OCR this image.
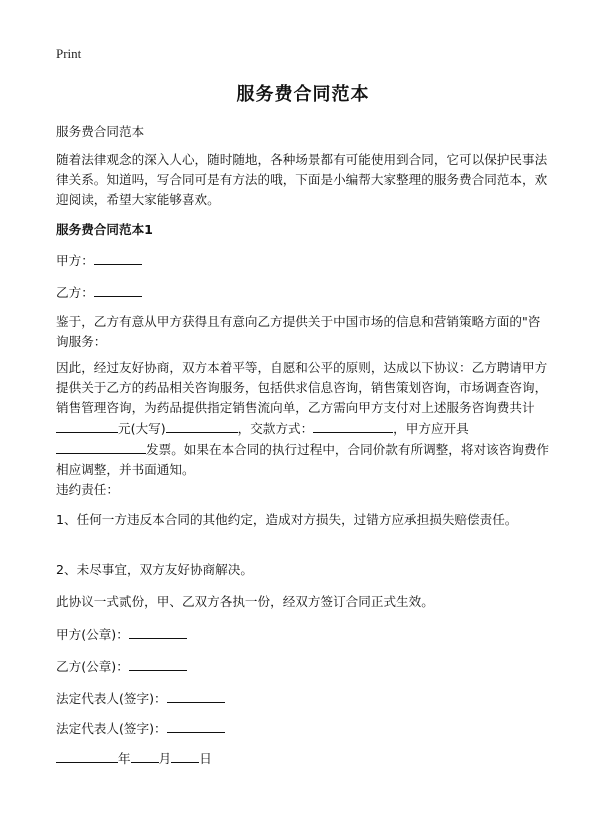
Print
服务费合同范本

服务费合同范本

随着法律观念的深入人心，随时随地，各种场景都有可能使用到合同，它可以保护民事法律关系。知道吗，写合同可是有方法的哦，下面是小编帮大家整理的服务费合同范本，欢迎阅读，希望大家能够喜欢。

服务费合同范本1

甲方：

乙方：

鉴于，乙方有意从甲方获得且有意向乙方提供关于中国市场的信息和营销策略方面的"咨询服务：

因此，经过友好协商，双方本着平等，自愿和公平的原则，达成以下协议：乙方聘请甲方提供关于乙方的药品相关咨询服务，包括供求信息咨询，销售策划咨询，市场调查咨询，销售管理咨询，为药品提供指定销售流向单，乙方需向甲方支付对上述服务咨询费共计元(大写)	，交款方式：	，甲方应开具发票。如果在本合同的执行过程中，合同价款有所调整，将对该咨询费作相应调整，并书面通知。

违约责任：

1、任何一方违反本合同的其他约定，造成对方损失，过错方应承担损失赔偿责任。

2、未尽事宜，双方友好协商解决。

此协议一式贰份，甲、乙双方各执一份，经双方签订合同正式生效。

甲方(公章)：

乙方(公章)：

法定代表人(签字)：

法定代表人(签字)：

年 月 日
